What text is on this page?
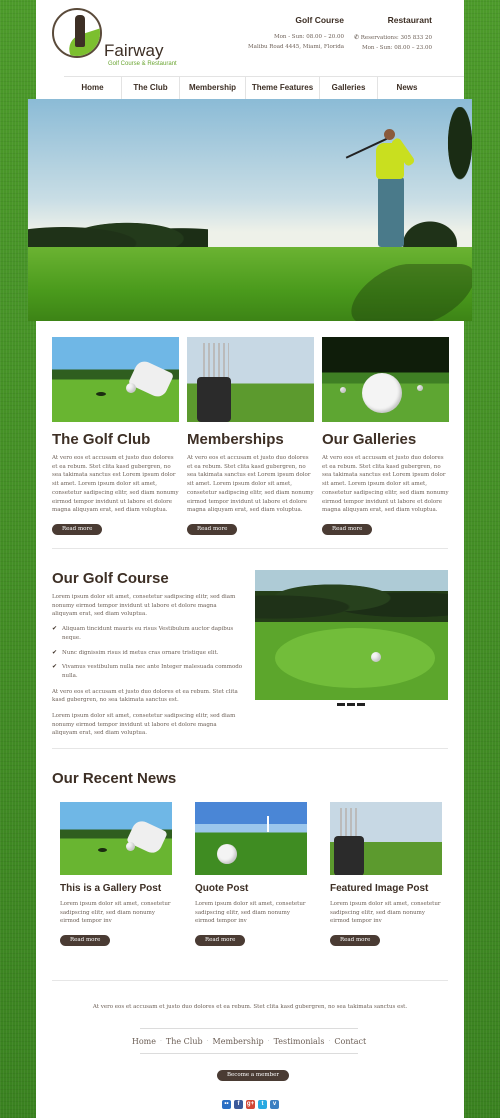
Fairway
Golf Course & Restaurant
Golf Course
Mon - Sun: 08.00 – 20.00
Malibu Road 4445, Miami, Florida
Restaurant
✆ Reservations: 305 833 20
Mon - Sun: 08.00 – 23.00
Home	The Club	Membership	Theme Features	Galleries	News
The Golf Club
At vero eos et accusam et justo duo dolores et ea rebum. Stet clita kasd gubergren, no sea takimata sanctus est Lorem ipsum dolor sit amet. Lorem ipsum dolor sit amet, consetetur sadipscing elitr, sed diam nonumy eirmod tempor invidunt ut labore et dolore magna aliquyam erat, sed diam voluptua.
Read more
Memberships
At vero eos et accusam et justo duo dolores et ea rebum. Stet clita kasd gubergren, no sea takimata sanctus est Lorem ipsum dolor sit amet. Lorem ipsum dolor sit amet, consetetur sadipscing elitr, sed diam nonumy eirmod tempor invidunt ut labore et dolore magna aliquyam erat, sed diam voluptua.
Read more
Our Galleries
At vero eos et accusam et justo duo dolores et ea rebum. Stet clita kasd gubergren, no sea takimata sanctus est Lorem ipsum dolor sit amet. Lorem ipsum dolor sit amet, consetetur sadipscing elitr, sed diam nonumy eirmod tempor invidunt ut labore et dolore magna aliquyam erat, sed diam voluptua.
Read more
Our Golf Course
Lorem ipsum dolor sit amet, consetetur sadipscing elitr, sed diam nonumy eirmod tempor invidunt ut labore et dolore magna aliquyam erat, sed diam voluptua.
✔ Aliquam tincidunt mauris eu risus Vestibulum auctor dapibus neque.
✔ Nunc dignissim risus id metus cras ornare tristique elit.
✔ Vivamus vestibulum nulla nec ante Integer malesuada commodo nulla.
At vero eos et accusam et justo duo dolores et ea rebum. Stet clita kasd gubergren, no sea takimata sanctus est.
Lorem ipsum dolor sit amet, consetetur sadipscing elitr, sed diam nonumy eirmod tempor invidunt ut labore et dolore magna aliquyam erat, sed diam voluptua.
Our Recent News
This is a Gallery Post
Lorem ipsum dolor sit amet, consetetur sadipscing elitr, sed diam nonumy eirmod tempor inv
Read more
Quote Post
Lorem ipsum dolor sit amet, consetetur sadipscing elitr, sed diam nonumy eirmod tempor inv
Read more
Featured Image Post
Lorem ipsum dolor sit amet, consetetur sadipscing elitr, sed diam nonumy eirmod tempor inv
Read more
At vero eos et accusam et justo duo dolores et ea rebum. Stet clita kasd gubergren, no sea takimata sanctus est.
Home · The Club · Membership · Testimonials · Contact
Become a member
••	f	g+	t	v
